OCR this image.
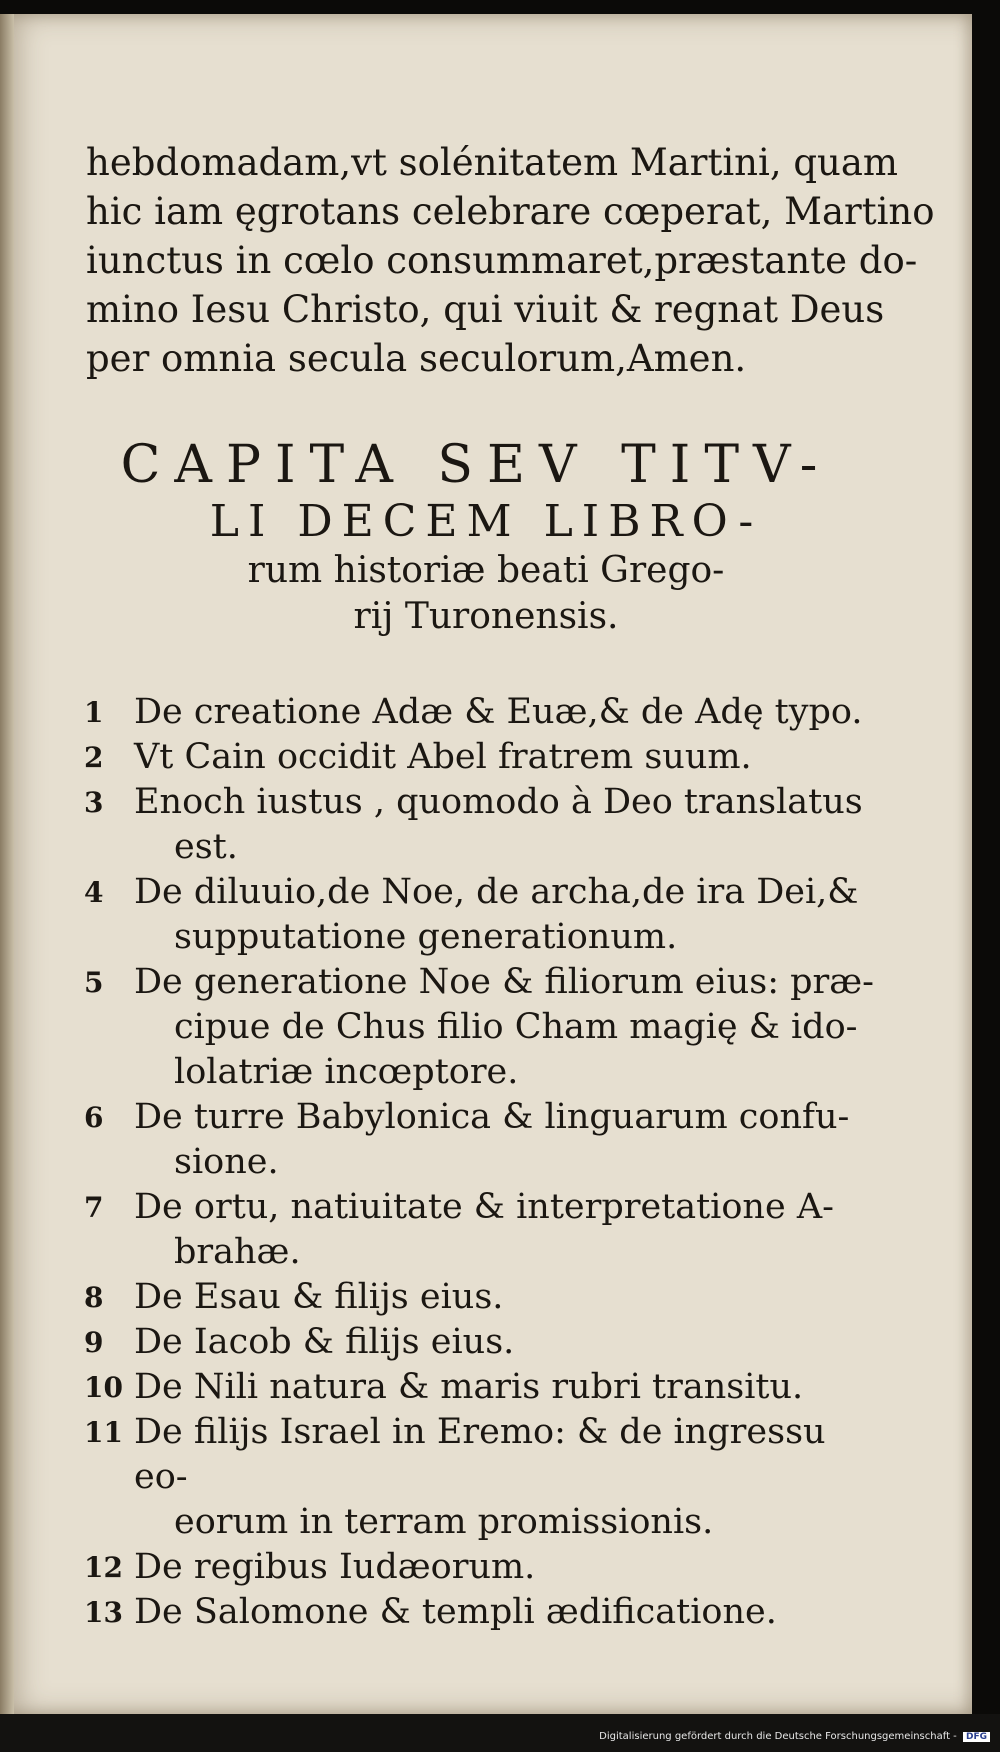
hebdomadam,vt solénitatem Martini, quam
hic iam ęgrotans celebrare cœperat, Martino
iunctus in cœlo consummaret,præstante do-
mino Iesu Christo, qui viuit & regnat Deus
per omnia secula seculorum,Amen.
CAPITA SEV TITV-
LI DECEM LIBRO-
rum historiæ beati Grego-
rij Turonensis.
1 De creatione Adæ & Euæ,& de Adę typo.
2 Vt Cain occidit Abel fratrem suum.
3 Enoch iustus , quomodo à Deo translatus
est.
4 De diluuio,de Noe, de archa,de ira Dei,&
supputatione generationum.
5 De generatione Noe & filiorum eius: præ-
cipue de Chus filio Cham magię & ido-
lolatriæ incœptore.
6 De turre Babylonica & linguarum confu-
sione.
7 De ortu, natiuitate & interpretatione A-
brahæ.
8 De Esau & filijs eius.
9 De Iacob & filijs eius.
10 De Nili natura & maris rubri transitu.
11 De filijs Israel in Eremo: & de ingressu eo-
eorum in terram promissionis.
12 De regibus Iudæorum.
13 De Salomone & templi ædificatione.
Digitalisierung gefördert durch die Deutsche Forschungsgemeinschaft - DFG
